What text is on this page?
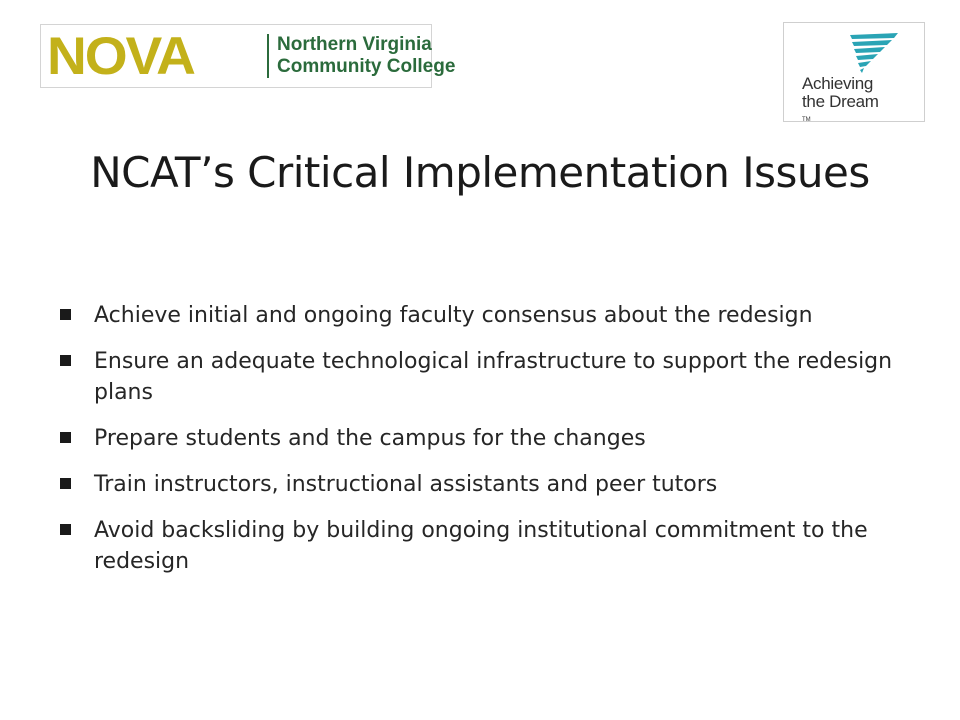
NOVA	Northern Virginia
Community College
Achieving
the Dream
TM
NCAT’s Critical Implementation Issues
Achieve initial and ongoing faculty consensus about the redesign
Ensure an adequate technological infrastructure to support the redesign plans
Prepare students and the campus for the changes
Train instructors, instructional assistants and peer tutors
Avoid backsliding by building ongoing institutional commitment to the redesign
